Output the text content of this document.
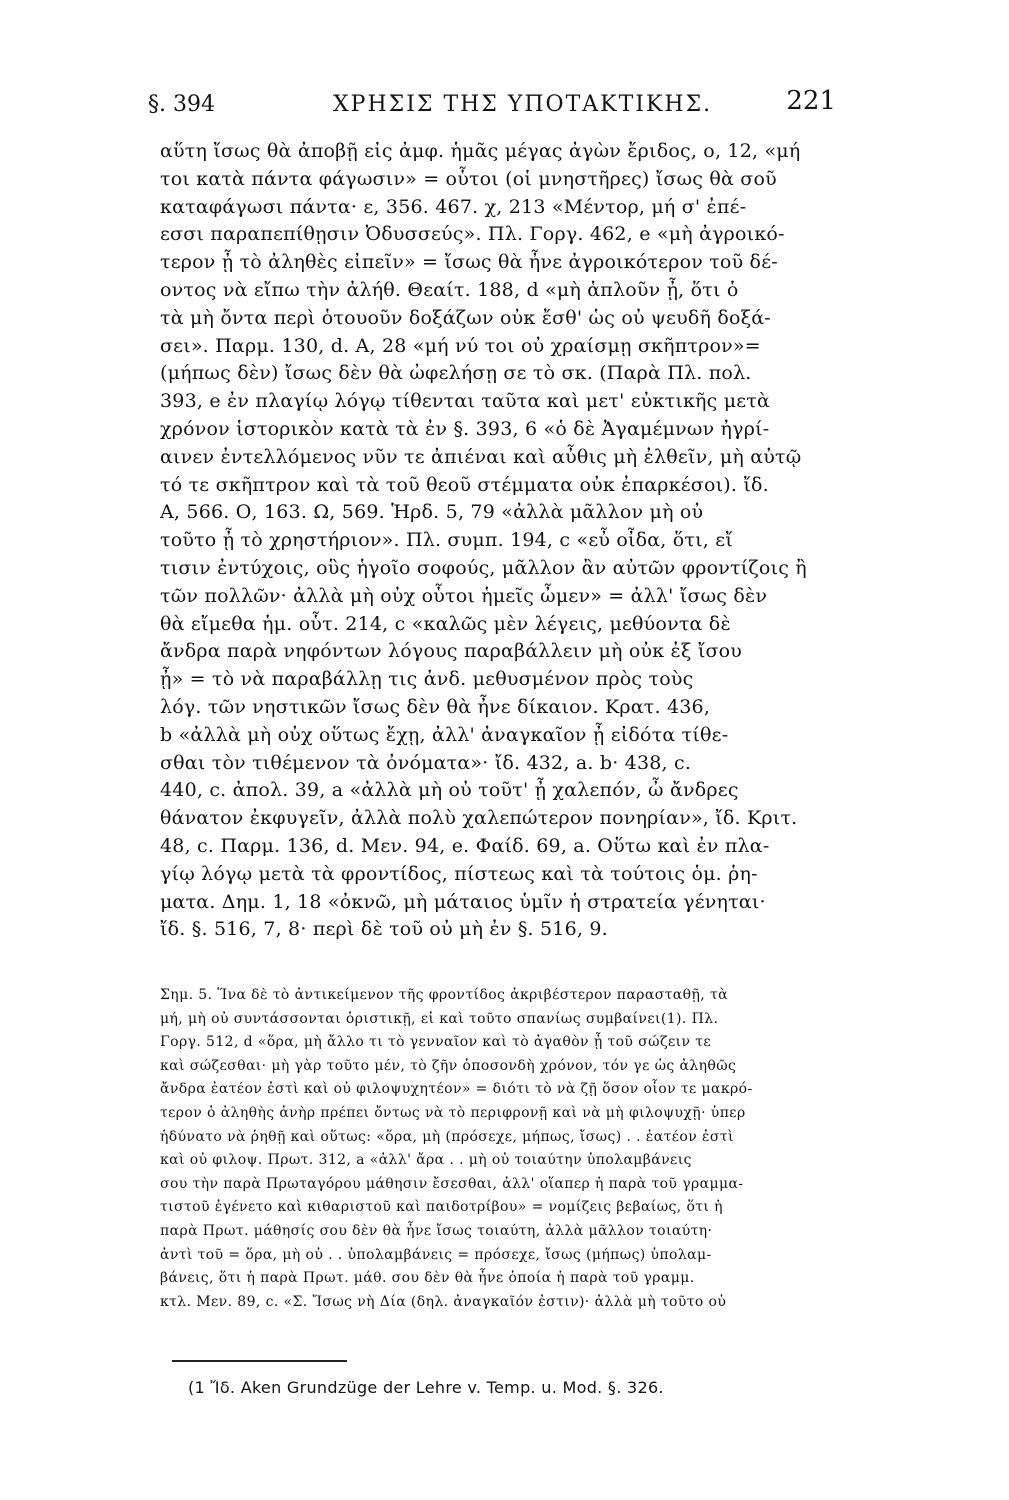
§. 394	ΧΡΗΣΙΣ ΤΗΣ ΥΠΟΤΑΚΤΙΚΗΣ.	221
αὕτη ἴσως θὰ ἀποβῇ εἰς ἀμφ. ἡμᾶς μέγας ἀγὼν ἔριδος, ο, 12, «μή
τοι κατὰ πάντα φάγωσιν» = οὗτοι (οἱ μνηστῆρες) ἴσως θὰ σοῦ
καταφάγωσι πάντα· ε, 356. 467. χ, 213 «Μέντορ, μή σ' ἐπέ-
εσσι παραπεπίθῃσιν Ὀδυσσεύς». Πλ. Γοργ. 462, e «μὴ ἀγροικό-
τερον ᾖ τὸ ἀληθὲς εἰπεῖν» = ἴσως θὰ ἦνε ἀγροικότερον τοῦ δέ-
οντος νὰ εἴπω τὴν ἀλήθ. Θεαίτ. 188, d «μὴ ἁπλοῦν ᾖ, ὅτι ὁ
τὰ μὴ ὄντα περὶ ὁτουοῦν δοξάζων οὐκ ἔσθ' ὡς οὐ ψευδῆ δοξά-
σει». Παρμ. 130, d. Α, 28 «μή νύ τοι οὐ χραίσμῃ σκῆπτρον»=
(μήπως δὲν) ἴσως δὲν θὰ ὠφελήσῃ σε τὸ σκ. (Παρὰ Πλ. πολ.
393, e ἐν πλαγίῳ λόγῳ τίθενται ταῦτα καὶ μετ' εὐκτικῆς μετὰ
χρόνον ἱστορικὸν κατὰ τὰ ἐν §. 393, 6 «ὁ δὲ Ἀγαμέμνων ἠγρί-
αινεν ἐντελλόμενος νῦν τε ἀπιέναι καὶ αὖθις μὴ ἐλθεῖν, μὴ αὐτῷ
τό τε σκῆπτρον καὶ τὰ τοῦ θεοῦ στέμματα οὐκ ἐπαρκέσοι). ἴδ.
Α, 566. Ο, 163. Ω, 569. Ἡρδ. 5, 79 «ἀλλὰ μᾶλλον μὴ οὐ
τοῦτο ᾖ τὸ χρηστήριον». Πλ. συμπ. 194, c «εὖ οἶδα, ὅτι, εἴ
τισιν ἐντύχοις, οὓς ἡγοῖο σοφούς, μᾶλλον ἂν αὐτῶν φροντίζοις ἢ
τῶν πολλῶν· ἀλλὰ μὴ οὐχ οὗτοι ἡμεῖς ὦμεν» = ἀλλ' ἴσως δὲν
θὰ εἴμεθα ἡμ. οὗτ. 214, c «καλῶς μὲν λέγεις, μεθύοντα δὲ
ἄνδρα παρὰ νηφόντων λόγους παραβάλλειν μὴ οὐκ ἐξ ἴσου
ᾖ» = τὸ νὰ παραβάλλῃ τις ἀνδ. μεθυσμένον πρὸς τοὺς
λόγ. τῶν νηστικῶν ἴσως δὲν θὰ ἦνε δίκαιον. Κρατ. 436,
b «ἀλλὰ μὴ οὐχ οὕτως ἔχῃ, ἀλλ' ἀναγκαῖον ᾖ εἰδότα τίθε-
σθαι τὸν τιθέμενον τὰ ὀνόματα»· ἴδ. 432, a. b· 438, c.
440, c. ἀπολ. 39, a «ἀλλὰ μὴ οὐ τοῦτ' ᾖ χαλεπόν, ὦ ἄνδρες
θάνατον ἐκφυγεῖν, ἀλλὰ πολὺ χαλεπώτερον πονηρίαν», ἴδ. Κριτ.
48, c. Παρμ. 136, d. Μεν. 94, e. Φαίδ. 69, a. Οὕτω καὶ ἐν πλα-
γίῳ λόγῳ μετὰ τὰ φροντίδος, πίστεως καὶ τὰ τούτοις ὁμ. ῥη-
ματα. Δημ. 1, 18 «ὀκνῶ, μὴ μάταιος ὑμῖν ἡ στρατεία γένηται·
ἴδ. §. 516, 7, 8· περὶ δὲ τοῦ οὐ μὴ ἐν §. 516, 9.
Σημ. 5. Ἵνα δὲ τὸ ἀντικείμενον τῆς φροντίδος ἀκριβέστερον παρασταθῇ, τὰ
μή, μὴ οὐ συντάσσονται ὁριστικῇ, εἰ καὶ τοῦτο σπανίως συμβαίνει(1). Πλ.
Γοργ. 512, d «ὅρα, μὴ ἄλλο τι τὸ γενναῖον καὶ τὸ ἀγαθὸν ᾖ τοῦ σώζειν τε
καὶ σώζεσθαι· μὴ γὰρ τοῦτο μέν, τὸ ζῆν ὁποσονδὴ χρόνον, τόν γε ὡς ἀληθῶς
ἄνδρα ἐατέον ἐστὶ καὶ οὐ φιλοψυχητέον» = διότι τὸ νὰ ζῇ ὅσον οἷον τε μακρό-
τερον ὁ ἀληθὴς ἀνὴρ πρέπει ὄντως νὰ τὸ περιφρονῇ καὶ νὰ μὴ φιλοψυχῇ· ὑπερ
ἡδύνατο νὰ ῥηθῇ καὶ οὕτως: «ὅρα, μὴ (πρόσεχε, μήπως, ἴσως) . . ἐατέον ἐστὶ
καὶ οὐ φιλοψ. Πρωτ. 312, a «ἀλλ' ἄρα . . μὴ οὐ τοιαύτην ὑπολαμβάνεις
σου τὴν παρὰ Πρωταγόρου μάθησιν ἔσεσθαι, ἀλλ' οἵαπερ ἡ παρὰ τοῦ γραμμα-
τιστοῦ ἐγένετο καὶ κιθαριστοῦ καὶ παιδοτρίβου» = νομίζεις βεβαίως, ὅτι ἡ
παρὰ Πρωτ. μάθησίς σου δὲν θὰ ἦνε ἴσως τοιαύτη, ἀλλὰ μᾶλλον τοιαύτη·
ἀντὶ τοῦ = ὅρα, μὴ οὐ . . ὑπολαμβάνεις = πρόσεχε, ἴσως (μήπως) ὑπολαμ-
βάνεις, ὅτι ἡ παρὰ Πρωτ. μάθ. σου δὲν θὰ ἦνε ὁποία ἡ παρὰ τοῦ γραμμ.
κτλ. Μεν. 89, c. «Σ. Ἴσως νὴ Δία (δηλ. ἀναγκαῖόν ἐστιν)· ἀλλὰ μὴ τοῦτο οὐ
(1 Ἴδ. Aken Grundzüge der Lehre v. Temp. u. Mod. §. 326.
